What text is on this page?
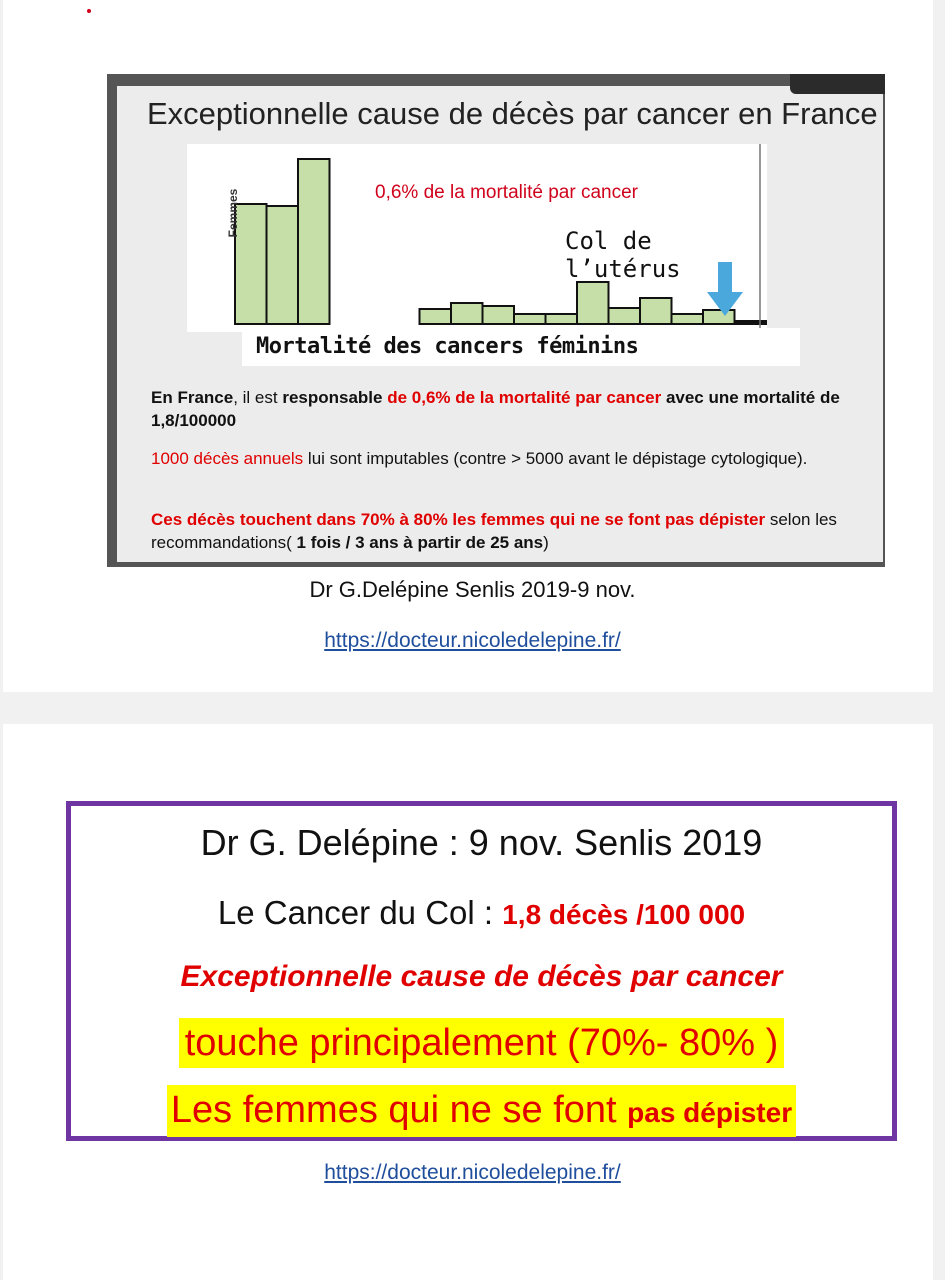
Exceptionnelle cause de décès par cancer en France
Femmes	0,6% de la mortalité par cancer
Col de
l’utérus
Mortalité des cancers féminins
En France, il est responsable de 0,6% de la mortalité par cancer avec une mortalité de 1,8/100000
1000 décès annuels lui sont imputables (contre > 5000 avant le dépistage cytologique).
Ces décès touchent dans 70% à 80% les femmes qui ne se font pas dépister selon les recommandations( 1 fois / 3 ans à partir de 25 ans)
Dr G.Delépine Senlis 2019-9 nov.
https://docteur.nicoledelepine.fr/
Dr G. Delépine : 9 nov. Senlis 2019
Le Cancer du Col : 1,8 décès /100 000
Exceptionnelle cause de décès par cancer
touche principalement (70%- 80% )
Les femmes qui ne se font pas dépister
https://docteur.nicoledelepine.fr/
